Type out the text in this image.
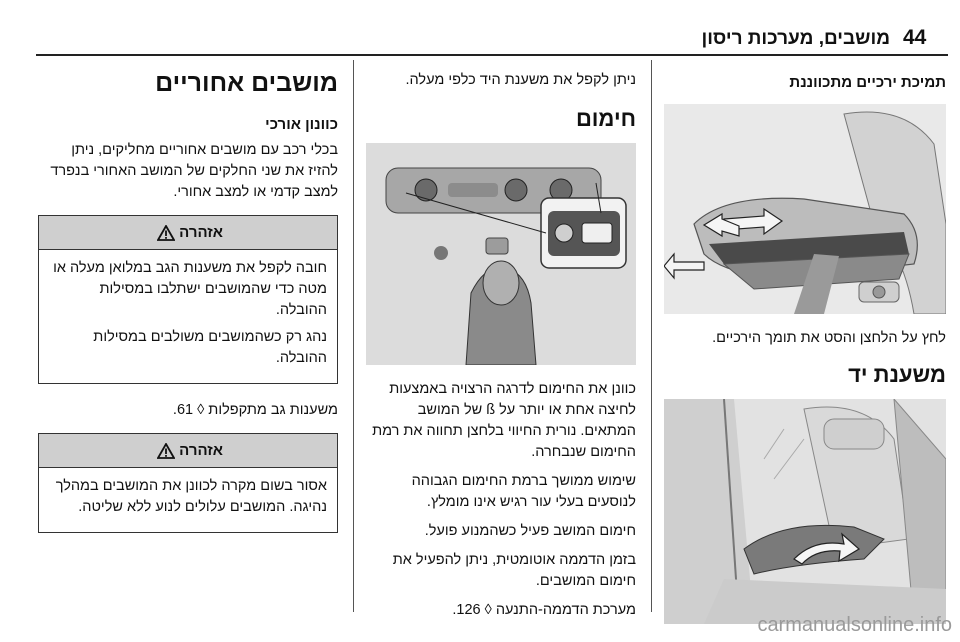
44
מושבים, מערכות ריסון
תמיכת ירכיים מתכווננת

לחץ על הלחצן והסט את תומך הירכיים.

משענת יד

ניתן לקפל את משענת היד כלפי מעלה.

חימום

כוונן את החימום לדרגה הרצויה באמצעות לחיצה אחת או יותר על ß של המושב המתאים. נורית החיווי בלחצן תחווה את רמת החימום שנבחרה.

שימוש ממושך ברמת החימום הגבוהה לנוסעים בעלי עור רגיש אינו מומלץ.

חימום המושב פעיל כשהמנוע פועל.

בזמן הדממה אוטומטית, ניתן להפעיל את חימום המושבים.

מערכת הדממה-התנעה ◊ 126.

מושבים אחוריים
כוונון אורכי

בכלי רכב עם מושבים אחוריים מחליקים, ניתן להזיז את שני החלקים של המושב האחורי בנפרד למצב קדמי או למצב אחורי.

אזהרה

חובה לקפל את משענות הגב במלואן מעלה או מטה כדי שהמושבים ישתלבו במסילות ההובלה.

נהג רק כשהמושבים משולבים במסילות ההובלה.

משענות גב מתקפלות ◊ 61.

אזהרה

אסור בשום מקרה לכוונן את המושבים במהלך נהיגה. המושבים עלולים לנוע ללא שליטה.

carmanualsonline.info
